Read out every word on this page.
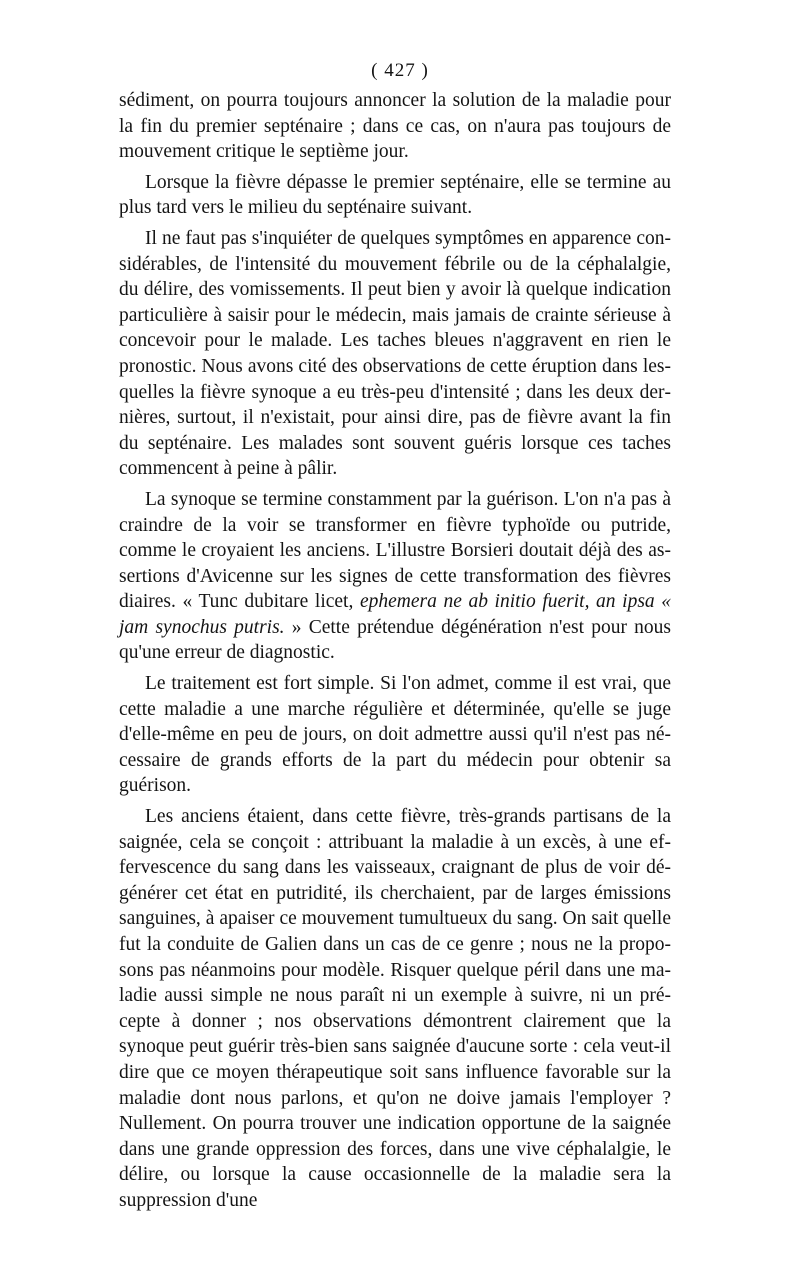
( 427 )

sédiment, on pourra toujours annoncer la solution de la maladie pour la fin du premier septénaire ; dans ce cas, on n'aura pas toujours de mouvement critique le septième jour.

Lorsque la fièvre dépasse le premier septénaire, elle se termine au plus tard vers le milieu du septénaire suivant.

Il ne faut pas s'inquiéter de quelques symptômes en apparence considérables, de l'intensité du mouvement fébrile ou de la céphalalgie, du délire, des vomissements. Il peut bien y avoir là quelque indication particulière à saisir pour le médecin, mais jamais de crainte sérieuse à concevoir pour le malade. Les taches bleues n'aggravent en rien le pronostic. Nous avons cité des observations de cette éruption dans lesquelles la fièvre synoque a eu très-peu d'intensité ; dans les deux dernières, surtout, il n'existait, pour ainsi dire, pas de fièvre avant la fin du septénaire. Les malades sont souvent guéris lorsque ces taches commencent à peine à pâlir.

La synoque se termine constamment par la guérison. L'on n'a pas à craindre de la voir se transformer en fièvre typhoïde ou putride, comme le croyaient les anciens. L'illustre Borsieri doutait déjà des assertions d'Avicenne sur les signes de cette transformation des fièvres diaires. « Tunc dubitare licet, ephemera ne ab initio fuerit, an ipsa « jam synochus putris. » Cette prétendue dégénération n'est pour nous qu'une erreur de diagnostic.

Le traitement est fort simple. Si l'on admet, comme il est vrai, que cette maladie a une marche régulière et déterminée, qu'elle se juge d'elle-même en peu de jours, on doit admettre aussi qu'il n'est pas nécessaire de grands efforts de la part du médecin pour obtenir sa guérison.

Les anciens étaient, dans cette fièvre, très-grands partisans de la saignée, cela se conçoit : attribuant la maladie à un excès, à une effervescence du sang dans les vaisseaux, craignant de plus de voir dégénérer cet état en putridité, ils cherchaient, par de larges émissions sanguines, à apaiser ce mouvement tumultueux du sang. On sait quelle fut la conduite de Galien dans un cas de ce genre ; nous ne la proposons pas néanmoins pour modèle. Risquer quelque péril dans une maladie aussi simple ne nous paraît ni un exemple à suivre, ni un précepte à donner ; nos observations démontrent clairement que la synoque peut guérir très-bien sans saignée d'aucune sorte : cela veut-il dire que ce moyen thérapeutique soit sans influence favorable sur la maladie dont nous parlons, et qu'on ne doive jamais l'employer ? Nullement. On pourra trouver une indication opportune de la saignée dans une grande oppression des forces, dans une vive céphalalgie, le délire, ou lorsque la cause occasionnelle de la maladie sera la suppression d'une
